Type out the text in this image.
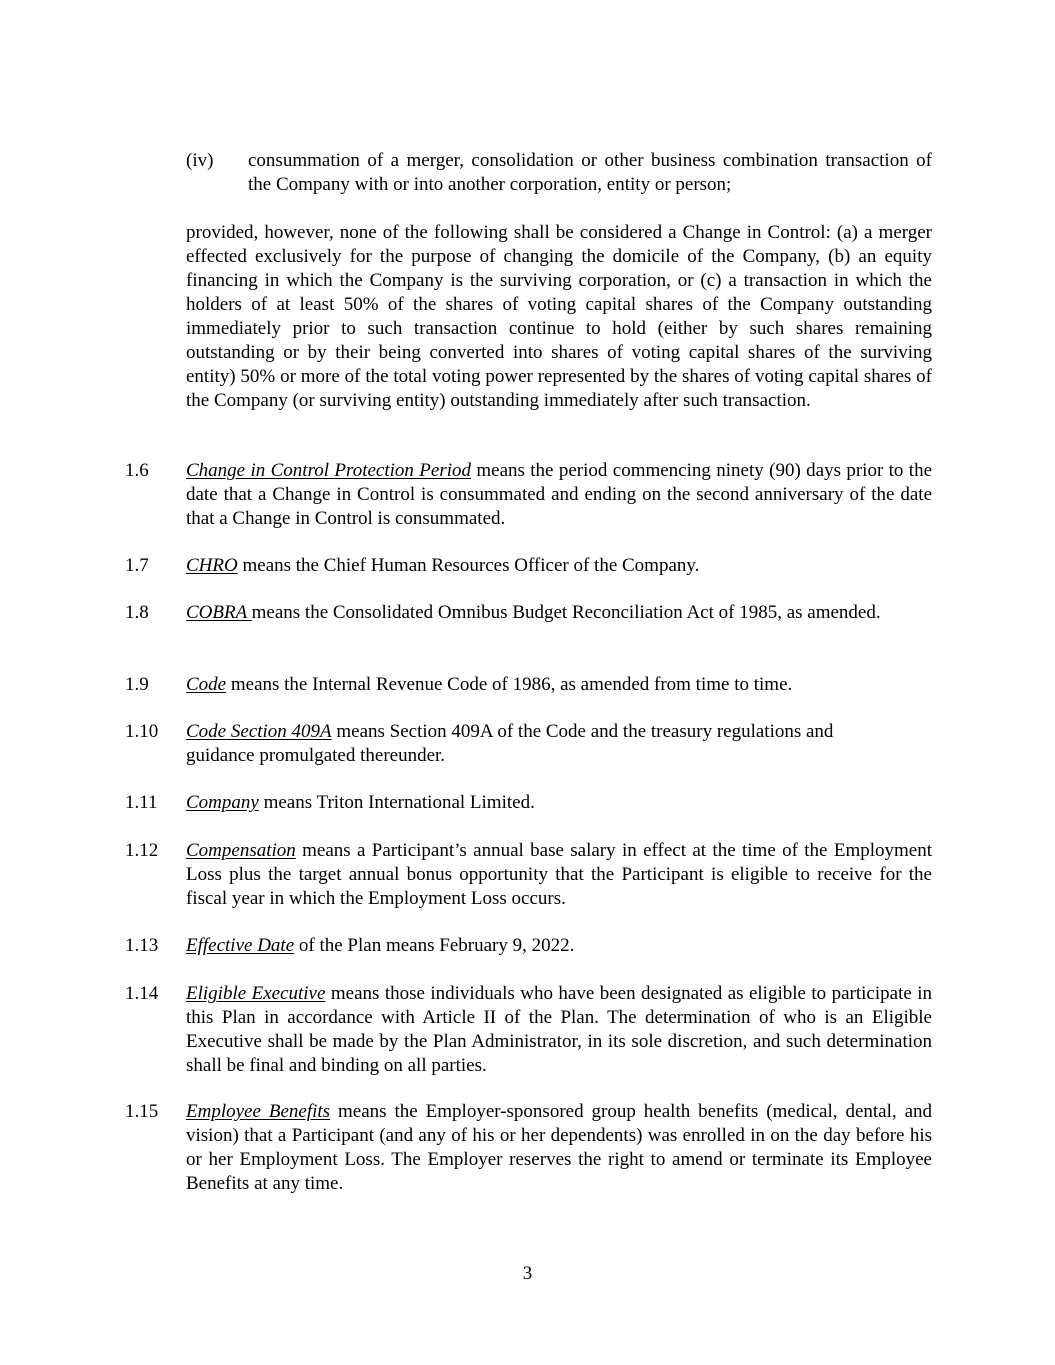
(iv) consummation of a merger, consolidation or other business combination transaction of the Company with or into another corporation, entity or person;
provided, however, none of the following shall be considered a Change in Control: (a) a merger effected exclusively for the purpose of changing the domicile of the Company, (b) an equity financing in which the Company is the surviving corporation, or (c) a transaction in which the holders of at least 50% of the shares of voting capital shares of the Company outstanding immediately prior to such transaction continue to hold (either by such shares remaining outstanding or by their being converted into shares of voting capital shares of the surviving entity) 50% or more of the total voting power represented by the shares of voting capital shares of the Company (or surviving entity) outstanding immediately after such transaction.
1.6 Change in Control Protection Period means the period commencing ninety (90) days prior to the date that a Change in Control is consummated and ending on the second anniversary of the date that a Change in Control is consummated.
1.7 CHRO means the Chief Human Resources Officer of the Company.
1.8 COBRA means the Consolidated Omnibus Budget Reconciliation Act of 1985, as amended.
1.9 Code means the Internal Revenue Code of 1986, as amended from time to time.
1.10 Code Section 409A means Section 409A of the Code and the treasury regulations and guidance promulgated thereunder.
1.11 Company means Triton International Limited.
1.12 Compensation means a Participant’s annual base salary in effect at the time of the Employment Loss plus the target annual bonus opportunity that the Participant is eligible to receive for the fiscal year in which the Employment Loss occurs.
1.13 Effective Date of the Plan means February 9, 2022.
1.14 Eligible Executive means those individuals who have been designated as eligible to participate in this Plan in accordance with Article II of the Plan. The determination of who is an Eligible Executive shall be made by the Plan Administrator, in its sole discretion, and such determination shall be final and binding on all parties.
1.15 Employee Benefits means the Employer-sponsored group health benefits (medical, dental, and vision) that a Participant (and any of his or her dependents) was enrolled in on the day before his or her Employment Loss. The Employer reserves the right to amend or terminate its Employee Benefits at any time.
3
